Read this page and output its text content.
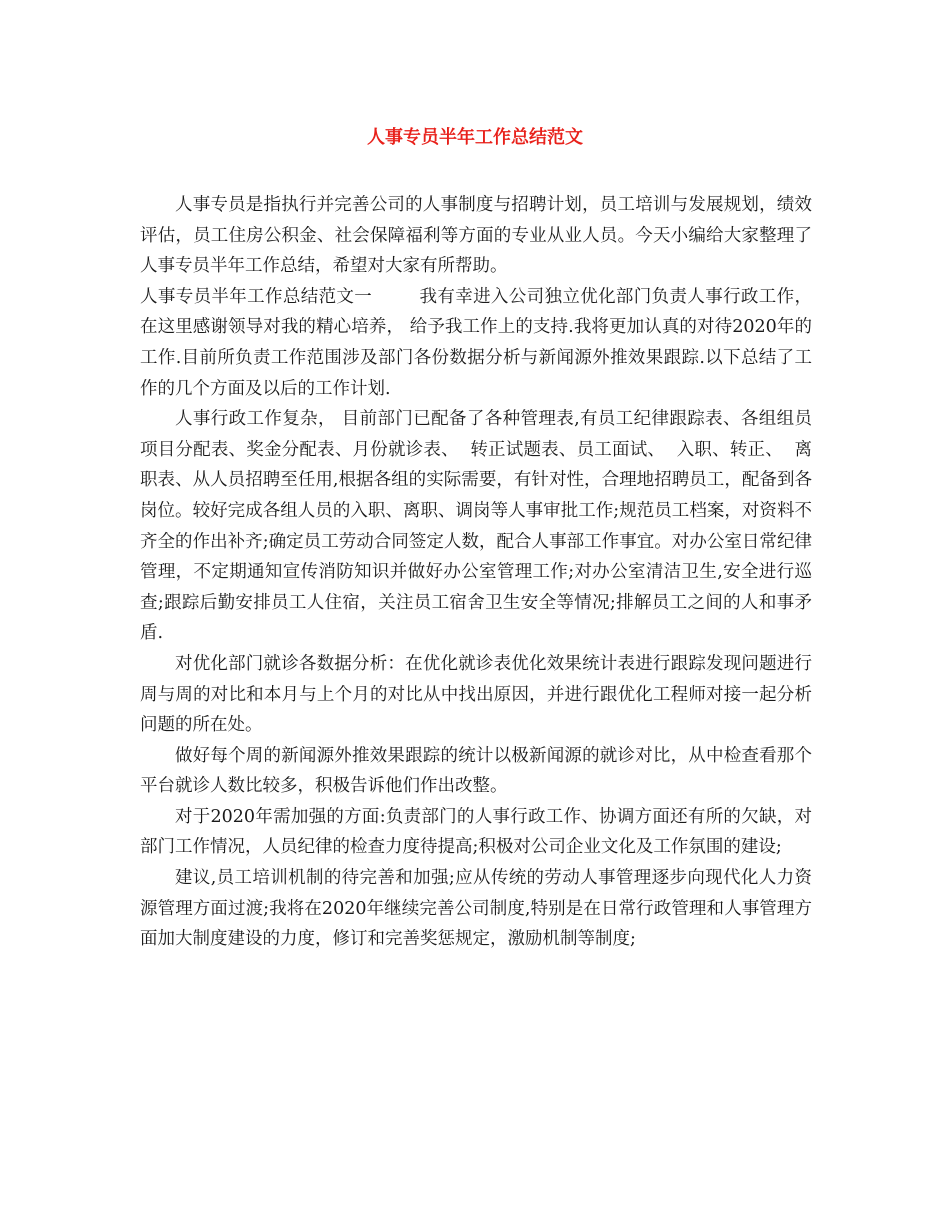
人事专员半年工作总结范文

人事专员是指执行并完善公司的人事制度与招聘计划，员工培训与发展规划，绩效评估，员工住房公积金、社会保障福利等方面的专业从业人员。今天小编给大家整理了人事专员半年工作总结，希望对大家有所帮助。

人事专员半年工作总结范文一        我有幸进入公司独立优化部门负责人事行政工作，在这里感谢领导对我的精心培养， 给予我工作上的支持.我将更加认真的对待2020年的工作.目前所负责工作范围涉及部门各份数据分析与新闻源外推效果跟踪.以下总结了工作的几个方面及以后的工作计划.

人事行政工作复杂， 目前部门已配备了各种管理表,有员工纪律跟踪表、各组组员项目分配表、奖金分配表、月份就诊表、  转正试题表、员工面试、  入职、转正、  离职表、从人员招聘至任用,根据各组的实际需要，有针对性，合理地招聘员工，配备到各岗位。较好完成各组人员的入职、离职、调岗等人事审批工作;规范员工档案，对资料不齐全的作出补齐;确定员工劳动合同签定人数，配合人事部工作事宜。对办公室日常纪律管理，不定期通知宣传消防知识并做好办公室管理工作;对办公室清洁卫生,安全进行巡查;跟踪后勤安排员工人住宿，关注员工宿舍卫生安全等情况;排解员工之间的人和事矛盾.

对优化部门就诊各数据分析：在优化就诊表优化效果统计表进行跟踪发现问题进行周与周的对比和本月与上个月的对比从中找出原因，并进行跟优化工程师对接一起分析问题的所在处。

做好每个周的新闻源外推效果跟踪的统计以极新闻源的就诊对比，从中检查看那个平台就诊人数比较多，积极告诉他们作出改整。

对于2020年需加强的方面:负责部门的人事行政工作、协调方面还有所的欠缺，对部门工作情况，人员纪律的检查力度待提高;积极对公司企业文化及工作氛围的建设;

建议,员工培训机制的待完善和加强;应从传统的劳动人事管理逐步向现代化人力资源管理方面过渡;我将在2020年继续完善公司制度,特别是在日常行政管理和人事管理方面加大制度建设的力度，修订和完善奖惩规定，激励机制等制度;
